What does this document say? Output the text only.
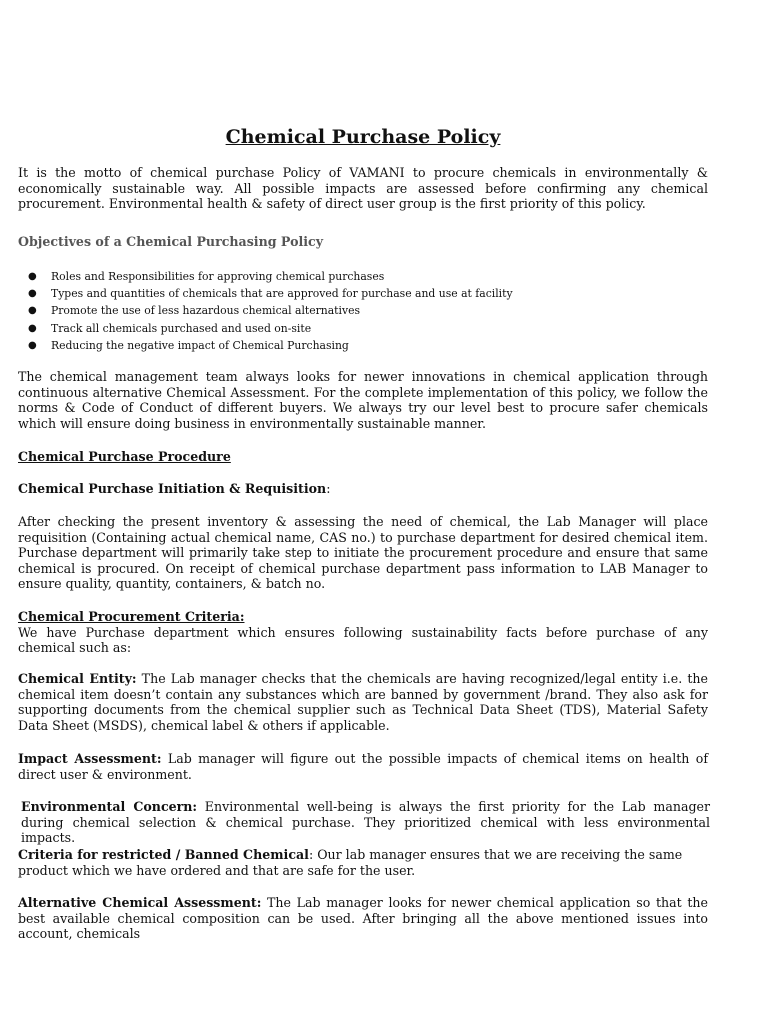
Chemical Purchase Policy

It is the motto of chemical purchase Policy of VAMANI to procure chemicals in environmentally & economically sustainable way. All possible impacts are assessed before confirming any chemical procurement. Environmental health & safety of direct user group is the first priority of this policy.

Objectives of a Chemical Purchasing Policy

● Roles and Responsibilities for approving chemical purchases
● Types and quantities of chemicals that are approved for purchase and use at facility
● Promote the use of less hazardous chemical alternatives
● Track all chemicals purchased and used on-site
● Reducing the negative impact of Chemical Purchasing

The chemical management team always looks for newer innovations in chemical application through continuous alternative Chemical Assessment. For the complete implementation of this policy, we follow the norms & Code of Conduct of different buyers. We always try our level best to procure safer chemicals which will ensure doing business in environmentally sustainable manner.

Chemical Purchase Procedure

Chemical Purchase Initiation & Requisition:

After checking the present inventory & assessing the need of chemical, the Lab Manager will place requisition (Containing actual chemical name, CAS no.) to purchase department for desired chemical item. Purchase department will primarily take step to initiate the procurement procedure and ensure that same chemical is procured. On receipt of chemical purchase department pass information to LAB Manager to ensure quality, quantity, containers, & batch no.

Chemical Procurement Criteria:

We have Purchase department which ensures following sustainability facts before purchase of any chemical such as:

Chemical Entity: The Lab manager checks that the chemicals are having recognized/legal entity i.e. the chemical item doesn’t contain any substances which are banned by government /brand. They also ask for supporting documents from the chemical supplier such as Technical Data Sheet (TDS), Material Safety Data Sheet (MSDS), chemical label & others if applicable.

Impact Assessment: Lab manager will figure out the possible impacts of chemical items on health of direct user & environment.

Environmental Concern: Environmental well-being is always the first priority for the Lab manager during chemical selection & chemical purchase. They prioritized chemical with less environmental impacts.

Criteria for restricted / Banned Chemical: Our lab manager ensures that we are receiving the same product which we have ordered and that are safe for the user.

Alternative Chemical Assessment: The Lab manager looks for newer chemical application so that the best available chemical composition can be used. After bringing all the above mentioned issues into account, chemicals
